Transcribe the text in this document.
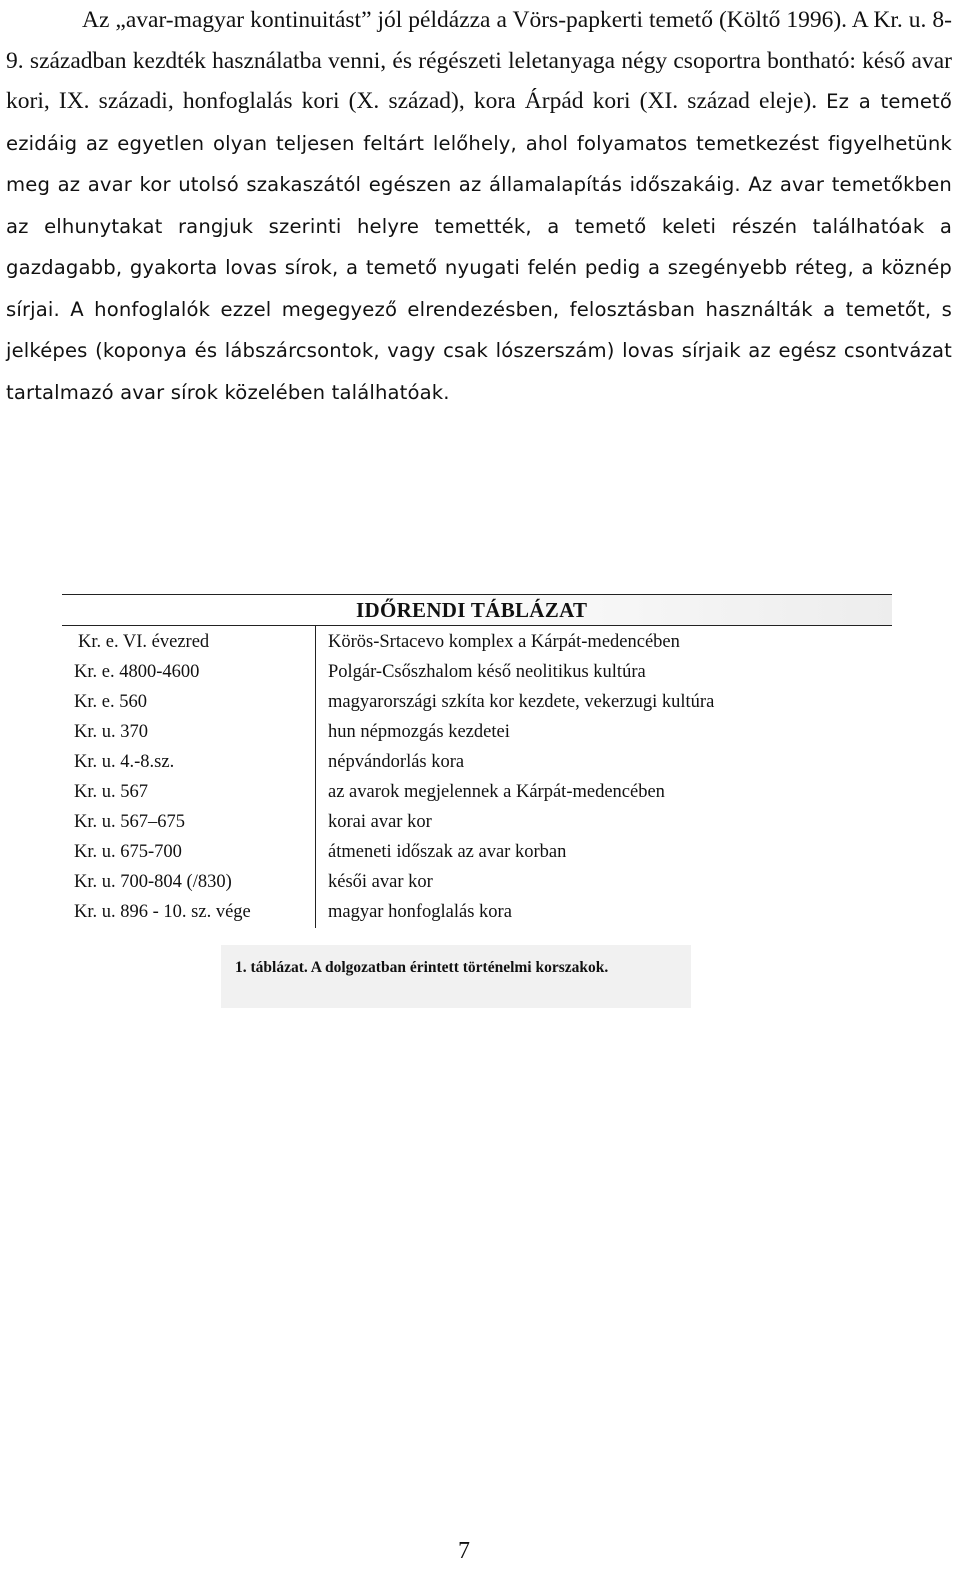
Az „avar-magyar kontinuitást” jól példázza a Vörs-papkerti temető (Költő 1996). A Kr. u. 8-9. században kezdték használatba venni, és régészeti leletanyaga négy csoportra bontható: késő avar kori, IX. századi, honfoglalás kori (X. század), kora Árpád kori (XI. század eleje). Ez a temető ezidáig az egyetlen olyan teljesen feltárt lelőhely, ahol folyamatos temetkezést figyelhetünk meg az avar kor utolsó szakaszától egészen az államalapítás időszakáig. Az avar temetőkben az elhunytakat rangjuk szerinti helyre temették, a temető keleti részén találhatóak a gazdagabb, gyakorta lovas sírok, a temető nyugati felén pedig a szegényebb réteg, a köznép sírjai. A honfoglalók ezzel megegyező elrendezésben, felosztásban használták a temetőt, s jelképes (koponya és lábszárcsontok, vagy csak lószerszám) lovas sírjaik az egész csontvázat tartalmazó avar sírok közelében találhatóak.

IDŐRENDI TÁBLÁZAT
Kr. e. VI. évezred	Körös-Srtacevo komplex a Kárpát-medencében
Kr. e. 4800-4600	Polgár-Csőszhalom késő neolitikus kultúra
Kr. e. 560	magyarországi szkíta kor kezdete, vekerzugi kultúra
Kr. u. 370	hun népmozgás kezdetei
Kr. u. 4.-8.sz.	népvándorlás kora
Kr. u. 567	az avarok megjelennek a Kárpát-medencében
Kr. u. 567–675	korai avar kor
Kr. u. 675-700	átmeneti időszak az avar korban
Kr. u. 700-804 (/830)	késői avar kor
Kr. u. 896 - 10. sz. vége	magyar honfoglalás kora
1. táblázat. A dolgozatban érintett történelmi korszakok.
7
